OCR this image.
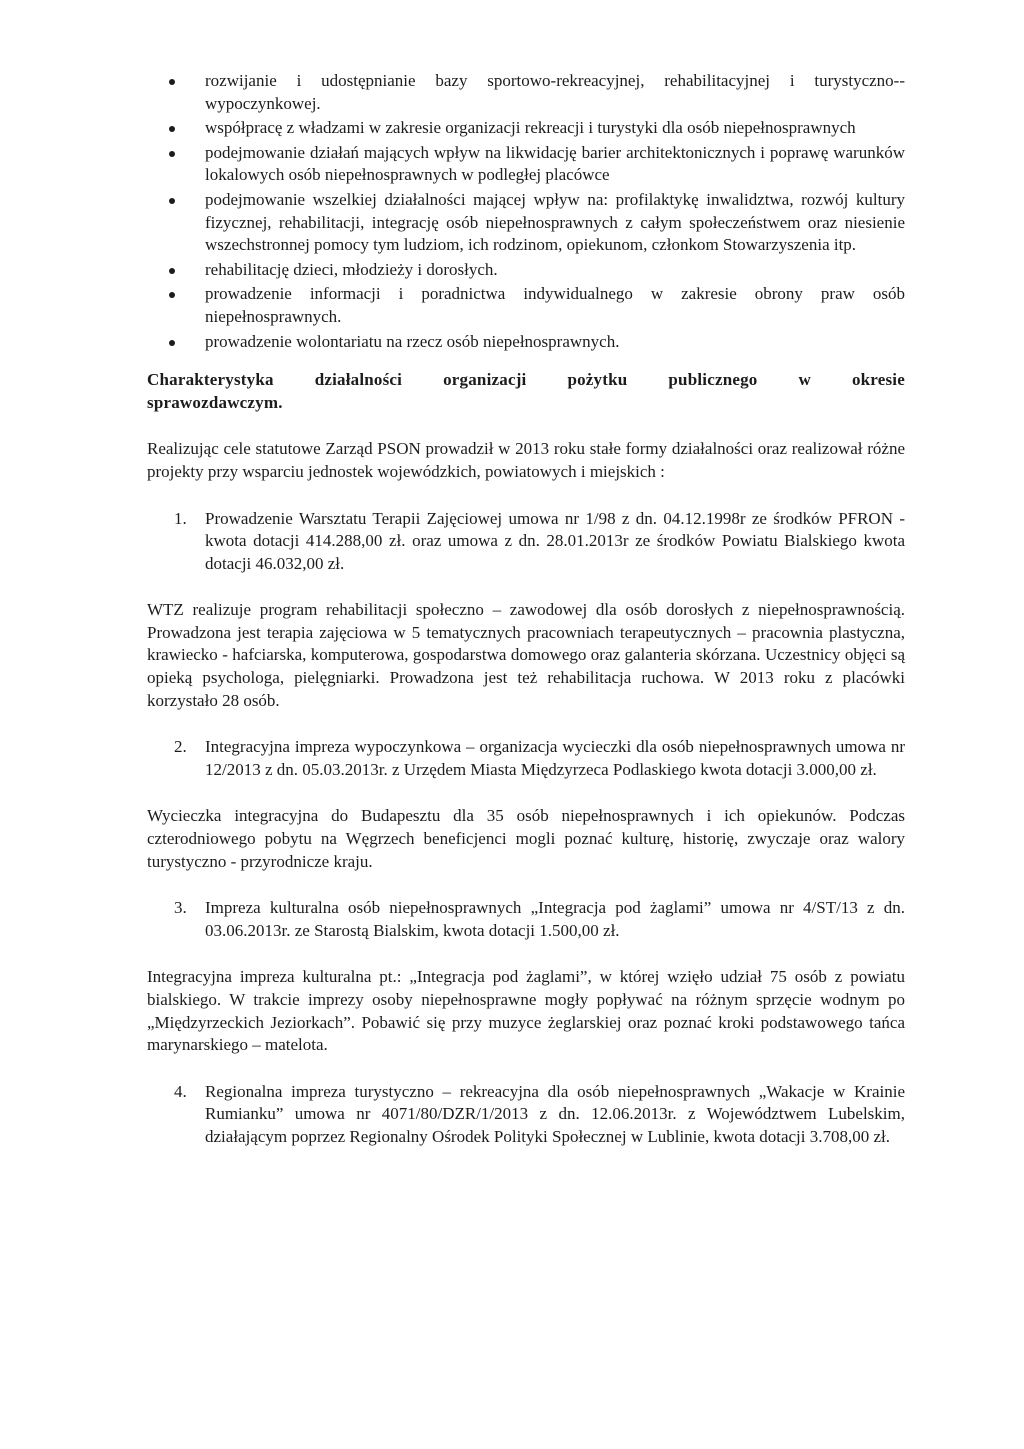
rozwijanie i udostępnianie bazy sportowo-rekreacyjnej, rehabilitacyjnej i turystyczno--wypoczynkowej.
współpracę z władzami w zakresie organizacji rekreacji i turystyki dla osób niepełnosprawnych
podejmowanie działań mających wpływ na likwidację barier architektonicznych i poprawę warunków lokalowych osób niepełnosprawnych w podległej placówce
podejmowanie wszelkiej działalności mającej wpływ na: profilaktykę inwalidztwa, rozwój kultury fizycznej, rehabilitacji, integrację osób niepełnosprawnych z całym społeczeństwem oraz niesienie wszechstronnej pomocy tym ludziom, ich rodzinom, opiekunom, członkom Stowarzyszenia itp.
rehabilitację dzieci, młodzieży i dorosłych.
prowadzenie informacji i poradnictwa indywidualnego w zakresie obrony praw osób niepełnosprawnych.
prowadzenie wolontariatu na rzecz osób niepełnosprawnych.
Charakterystyka działalności organizacji pożytku publicznego w okresie
sprawozdawczym.

Realizując cele statutowe Zarząd PSON prowadził w 2013 roku stałe formy działalności oraz realizował różne projekty przy wsparciu jednostek wojewódzkich, powiatowych i miejskich :

1. Prowadzenie Warsztatu Terapii Zajęciowej umowa nr 1/98 z dn. 04.12.1998r ze środków PFRON - kwota dotacji 414.288,00 zł. oraz umowa z dn. 28.01.2013r ze środków Powiatu Bialskiego kwota dotacji 46.032,00 zł.

WTZ realizuje program rehabilitacji społeczno – zawodowej dla osób dorosłych z niepełnosprawnością. Prowadzona jest terapia zajęciowa w 5 tematycznych pracowniach terapeutycznych – pracownia plastyczna, krawiecko - hafciarska, komputerowa, gospodarstwa domowego oraz galanteria skórzana. Uczestnicy objęci są opieką psychologa, pielęgniarki. Prowadzona jest też rehabilitacja ruchowa. W 2013 roku z placówki korzystało 28 osób.

2. Integracyjna impreza wypoczynkowa – organizacja wycieczki dla osób niepełnosprawnych umowa nr 12/2013 z dn. 05.03.2013r. z Urzędem Miasta Międzyrzeca Podlaskiego kwota dotacji 3.000,00 zł.

Wycieczka integracyjna do Budapesztu dla 35 osób niepełnosprawnych i ich opiekunów. Podczas czterodniowego pobytu na Węgrzech beneficjenci mogli poznać kulturę, historię, zwyczaje oraz walory turystyczno - przyrodnicze kraju.

3. Impreza kulturalna osób niepełnosprawnych „Integracja pod żaglami” umowa nr 4/ST/13 z dn. 03.06.2013r. ze Starostą Bialskim, kwota dotacji 1.500,00 zł.

Integracyjna impreza kulturalna pt.: „Integracja pod żaglami”, w której wzięło udział 75 osób z powiatu bialskiego. W trakcie imprezy osoby niepełnosprawne mogły popływać na różnym sprzęcie wodnym po „Międzyrzeckich Jeziorkach”. Pobawić się przy muzyce żeglarskiej oraz poznać kroki podstawowego tańca marynarskiego – matelota.

4. Regionalna impreza turystyczno – rekreacyjna dla osób niepełnosprawnych „Wakacje w Krainie Rumianku” umowa nr 4071/80/DZR/1/2013 z dn. 12.06.2013r. z Województwem Lubelskim, działającym poprzez Regionalny Ośrodek Polityki Społecznej w Lublinie, kwota dotacji 3.708,00 zł.
